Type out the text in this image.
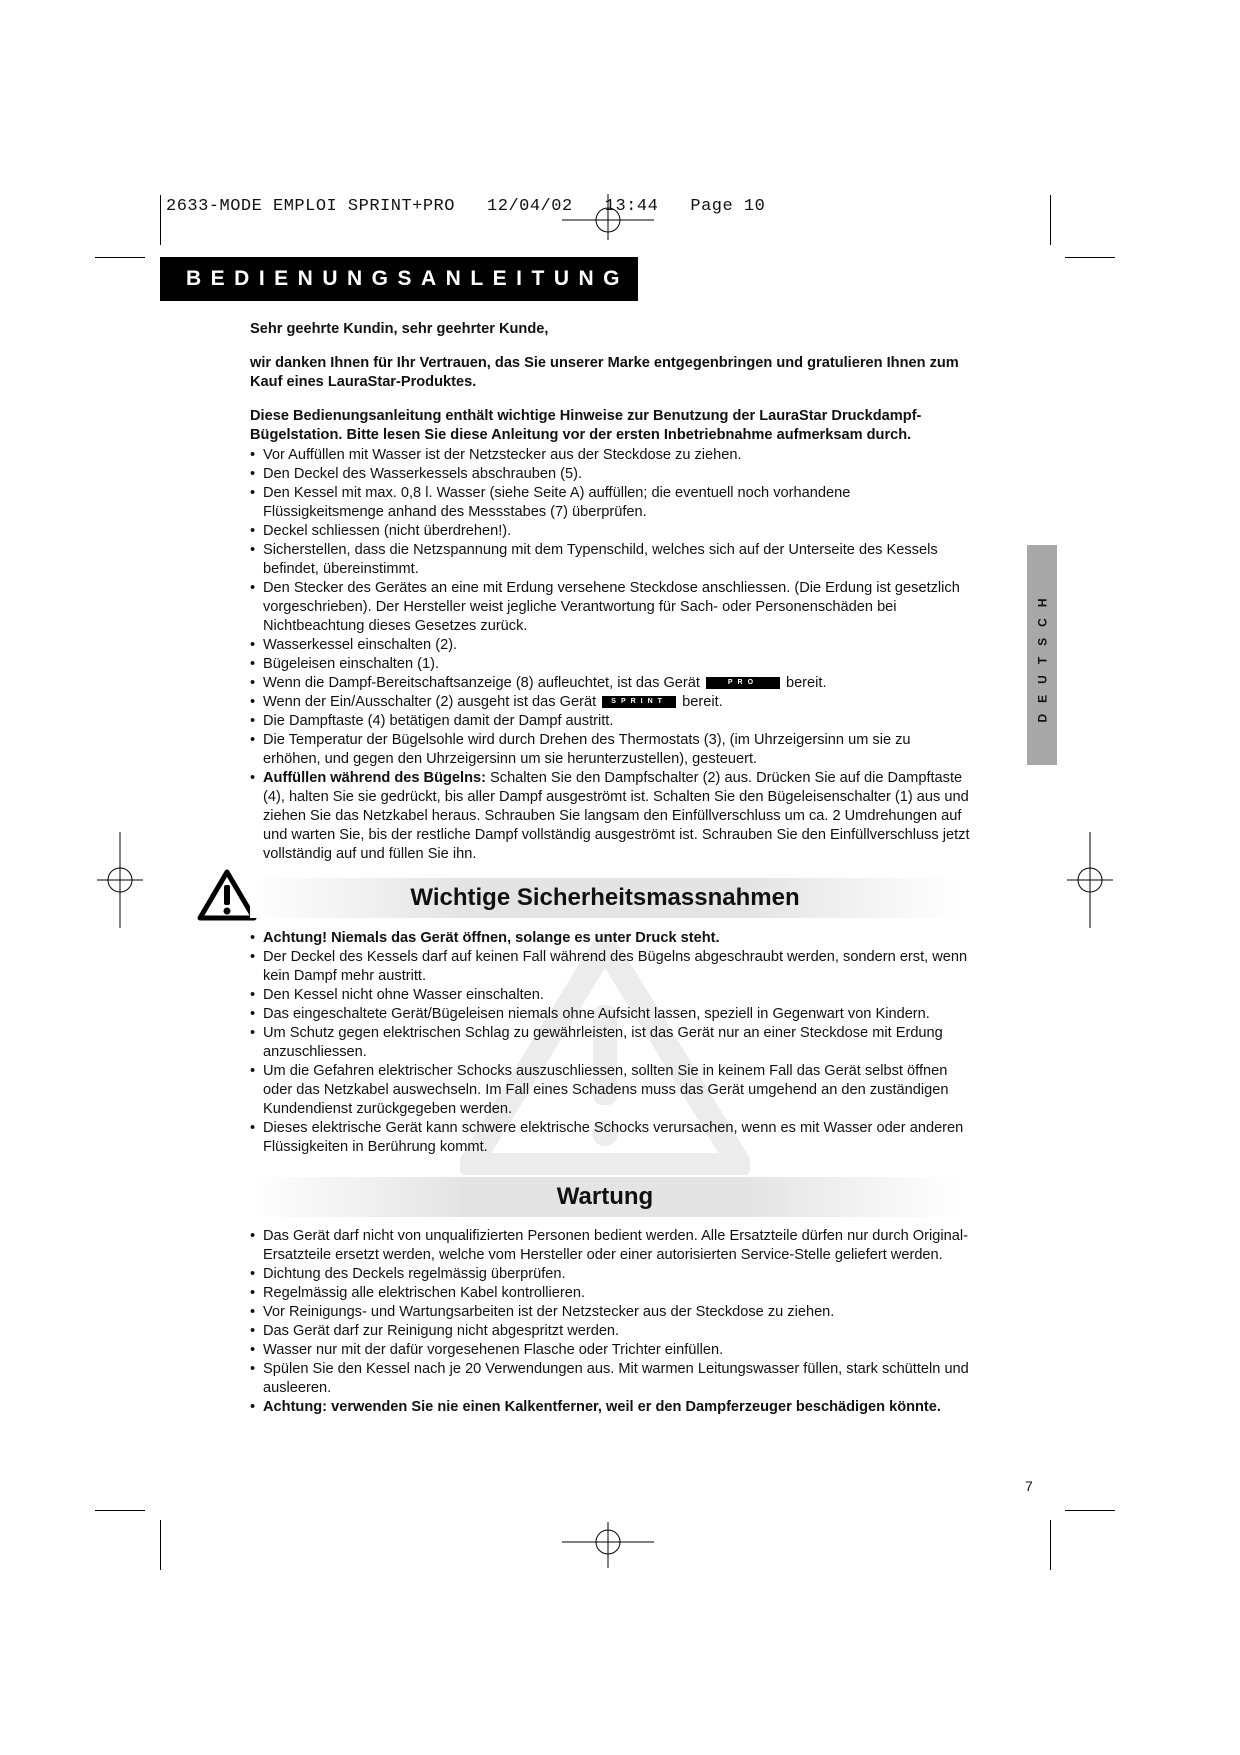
2633-MODE EMPLOI SPRINT+PRO   12/04/02   13:44   Page 10
BEDIENUNGSANLEITUNG
DEUTSCH

Sehr geehrte Kundin, sehr geehrter Kunde,

wir danken Ihnen für Ihr Vertrauen, das Sie unserer Marke entgegenbringen und gratulieren Ihnen zum Kauf eines LauraStar-Produktes.

Diese Bedienungsanleitung enthält wichtige Hinweise zur Benutzung der LauraStar Druckdampf-Bügelstation. Bitte lesen Sie diese Anleitung vor der ersten Inbetriebnahme aufmerksam durch.

• Vor Auffüllen mit Wasser ist der Netzstecker aus der Steckdose zu ziehen.
• Den Deckel des Wasserkessels abschrauben (5).
• Den Kessel mit max. 0,8 l. Wasser (siehe Seite A) auffüllen; die eventuell noch vorhandene Flüssigkeitsmenge anhand des Messstabes (7) überprüfen.
• Deckel schliessen (nicht überdrehen!).
• Sicherstellen, dass die Netzspannung mit dem Typenschild, welches sich auf der Unterseite des Kessels befindet, übereinstimmt.
• Den Stecker des Gerätes an eine mit Erdung versehene Steckdose anschliessen. (Die Erdung ist gesetzlich vorgeschrieben). Der Hersteller weist jegliche Verantwortung für Sach- oder Personenschäden bei Nichtbeachtung dieses Gesetzes zurück.
• Wasserkessel einschalten (2).
• Bügeleisen einschalten (1).
• Wenn die Dampf-Bereitschaftsanzeige (8) aufleuchtet, ist das Gerät	PRO bereit.
• Wenn der Ein/Ausschalter (2) ausgeht ist das Gerät SPRINT bereit.
• Die Dampftaste (4) betätigen damit der Dampf austritt.
• Die Temperatur der Bügelsohle wird durch Drehen des Thermostats (3), (im Uhrzeigersinn um sie zu erhöhen, und gegen den Uhrzeigersinn um sie herunterzustellen), gesteuert.
• Auffüllen während des Bügelns: Schalten Sie den Dampfschalter (2) aus. Drücken Sie auf die Dampftaste (4), halten Sie sie gedrückt, bis aller Dampf ausgeströmt ist. Schalten Sie den Bügeleisenschalter (1) aus und ziehen Sie das Netzkabel heraus. Schrauben Sie langsam den Einfüllverschluss um ca. 2 Umdrehungen auf und warten Sie, bis der restliche Dampf vollständig ausgeströmt ist. Schrauben Sie den Einfüllverschluss jetzt vollständig auf und füllen Sie ihn.
Wichtige Sicherheitsmassnahmen
• Achtung! Niemals das Gerät öffnen, solange es unter Druck steht.
• Der Deckel des Kessels darf auf keinen Fall während des Bügelns abgeschraubt werden, sondern erst, wenn kein Dampf mehr austritt.
• Den Kessel nicht ohne Wasser einschalten.
• Das eingeschaltete Gerät/Bügeleisen niemals ohne Aufsicht lassen, speziell in Gegenwart von Kindern.
• Um Schutz gegen elektrischen Schlag zu gewährleisten, ist das Gerät nur an einer Steckdose mit Erdung anzuschliessen.
• Um die Gefahren elektrischer Schocks auszuschliessen, sollten Sie in keinem Fall das Gerät selbst öffnen oder das Netzkabel auswechseln. Im Fall eines Schadens muss das Gerät umgehend an den zuständigen Kundendienst zurückgegeben werden.
• Dieses elektrische Gerät kann schwere elektrische Schocks verursachen, wenn es mit Wasser oder anderen Flüssigkeiten in Berührung kommt.
Wartung
• Das Gerät darf nicht von unqualifizierten Personen bedient werden. Alle Ersatzteile dürfen nur durch Original-Ersatzteile ersetzt werden, welche vom Hersteller oder einer autorisierten Service-Stelle geliefert werden.
• Dichtung des Deckels regelmässig überprüfen.
• Regelmässig alle elektrischen Kabel kontrollieren.
• Vor Reinigungs- und Wartungsarbeiten ist der Netzstecker aus der Steckdose zu ziehen.
• Das Gerät darf zur Reinigung nicht abgespritzt werden.
• Wasser nur mit der dafür vorgesehenen Flasche oder Trichter einfüllen.
• Spülen Sie den Kessel nach je 20 Verwendungen aus. Mit warmen Leitungswasser füllen, stark schütteln und ausleeren.
• Achtung: verwenden Sie nie einen Kalkentferner, weil er den Dampferzeuger beschädigen könnte.
7
